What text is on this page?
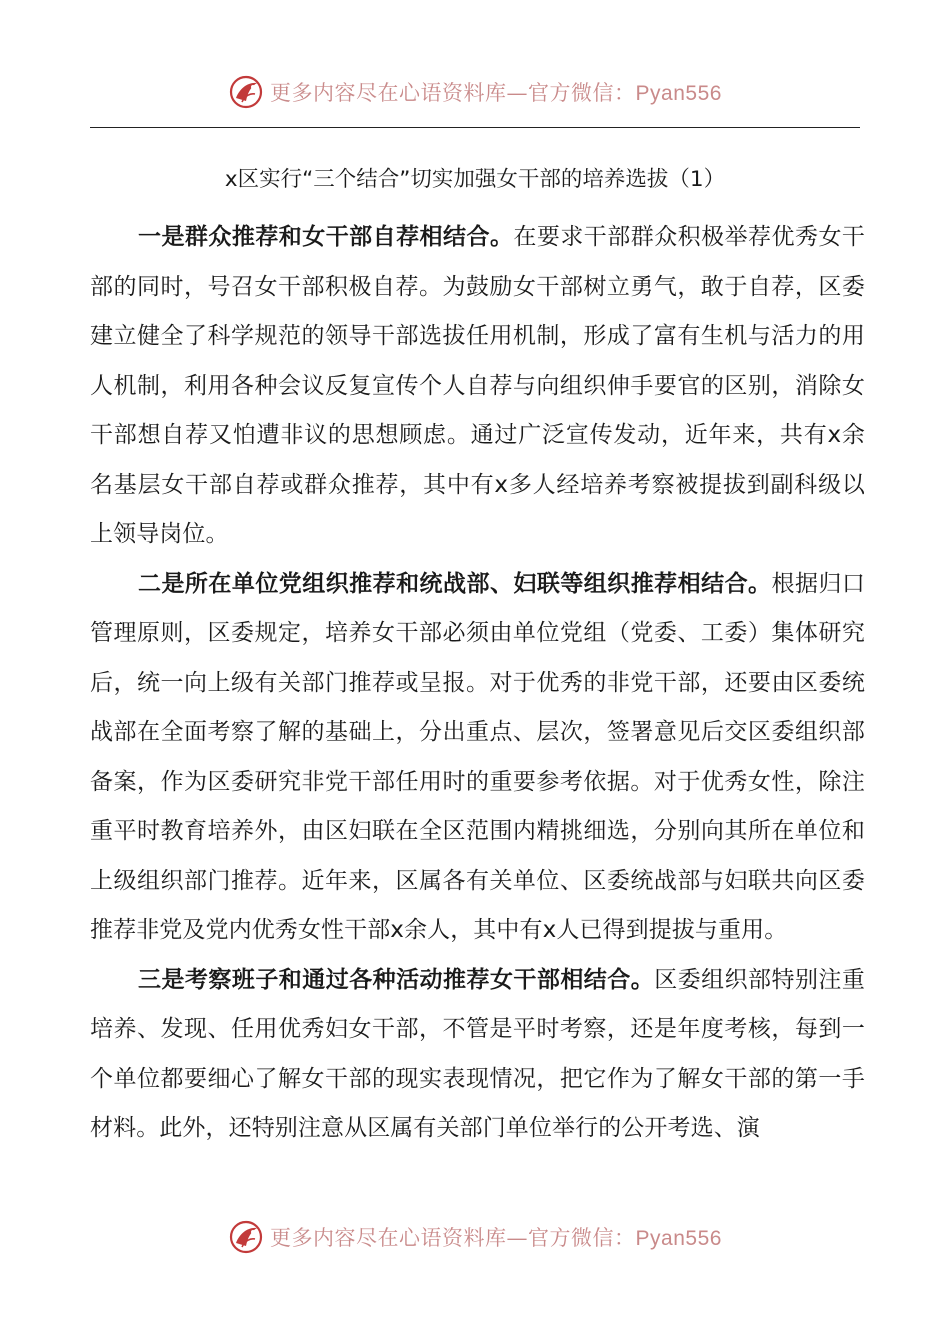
更多内容尽在心语资料库—官方微信：Pyan556
x区实行“三个结合”切实加强女干部的培养选拔（1）

一是群众推荐和女干部自荐相结合。在要求干部群众积极举荐优秀女干部的同时，号召女干部积极自荐。为鼓励女干部树立勇气，敢于自荐，区委建立健全了科学规范的领导干部选拔任用机制，形成了富有生机与活力的用人机制，利用各种会议反复宣传个人自荐与向组织伸手要官的区别，消除女干部想自荐又怕遭非议的思想顾虑。通过广泛宣传发动，近年来，共有x余名基层女干部自荐或群众推荐，其中有x多人经培养考察被提拔到副科级以上领导岗位。

二是所在单位党组织推荐和统战部、妇联等组织推荐相结合。根据归口管理原则，区委规定，培养女干部必须由单位党组（党委、工委）集体研究后，统一向上级有关部门推荐或呈报。对于优秀的非党干部，还要由区委统战部在全面考察了解的基础上，分出重点、层次，签署意见后交区委组织部备案，作为区委研究非党干部任用时的重要参考依据。对于优秀女性，除注重平时教育培养外，由区妇联在全区范围内精挑细选，分别向其所在单位和上级组织部门推荐。近年来，区属各有关单位、区委统战部与妇联共向区委推荐非党及党内优秀女性干部x余人，其中有x人已得到提拔与重用。

三是考察班子和通过各种活动推荐女干部相结合。区委组织部特别注重培养、发现、任用优秀妇女干部，不管是平时考察，还是年度考核，每到一个单位都要细心了解女干部的现实表现情况，把它作为了解女干部的第一手材料。此外，还特别注意从区属有关部门单位举行的公开考选、演

更多内容尽在心语资料库—官方微信：Pyan556
